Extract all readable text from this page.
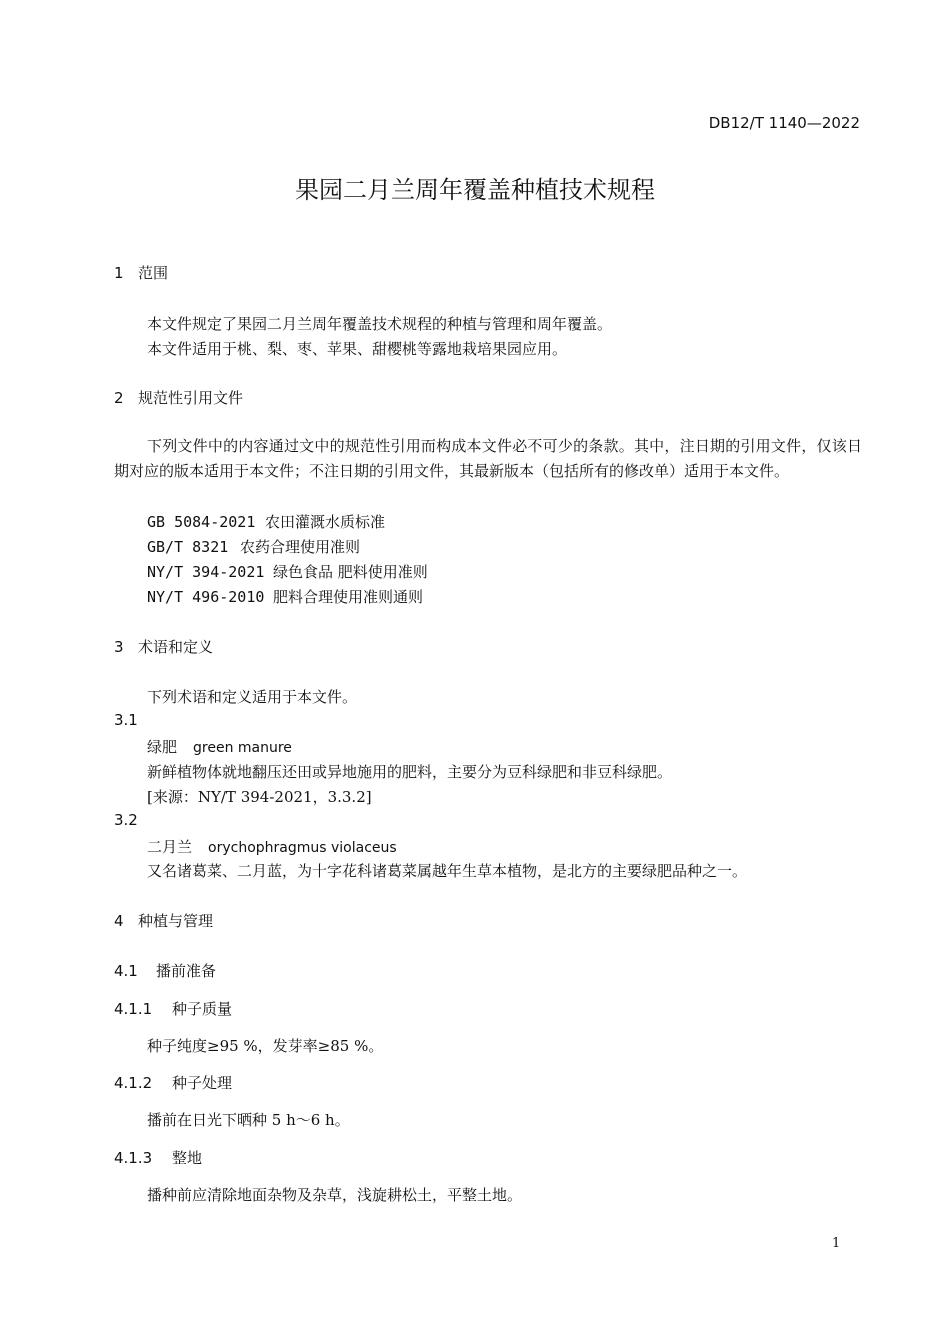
DB12/T 1140—2022
果园二月兰周年覆盖种植技术规程
1 范围
本文件规定了果园二月兰周年覆盖技术规程的种植与管理和周年覆盖。
本文件适用于桃、梨、枣、苹果、甜樱桃等露地栽培果园应用。
2 规范性引用文件
下列文件中的内容通过文中的规范性引用而构成本文件必不可少的条款。其中，注日期的引用文件，仅该日期对应的版本适用于本文件；不注日期的引用文件，其最新版本（包括所有的修改单）适用于本文件。
GB 5084-2021 农田灌溉水质标准
GB/T 8321 农药合理使用准则
NY/T 394-2021 绿色食品 肥料使用准则
NY/T 496-2010 肥料合理使用准则通则
3 术语和定义
下列术语和定义适用于本文件。
3.1
绿肥 green manure
新鲜植物体就地翻压还田或异地施用的肥料，主要分为豆科绿肥和非豆科绿肥。
[来源：NY/T 394-2021，3.3.2]
3.2
二月兰 orychophragmus violaceus
又名诸葛菜、二月蓝，为十字花科诸葛菜属越年生草本植物，是北方的主要绿肥品种之一。
4 种植与管理
4.1 播前准备
4.1.1 种子质量
种子纯度≥95 %，发芽率≥85 %。
4.1.2 种子处理
播前在日光下晒种 5 h～6 h。
4.1.3 整地
播种前应清除地面杂物及杂草，浅旋耕松土，平整土地。
1
